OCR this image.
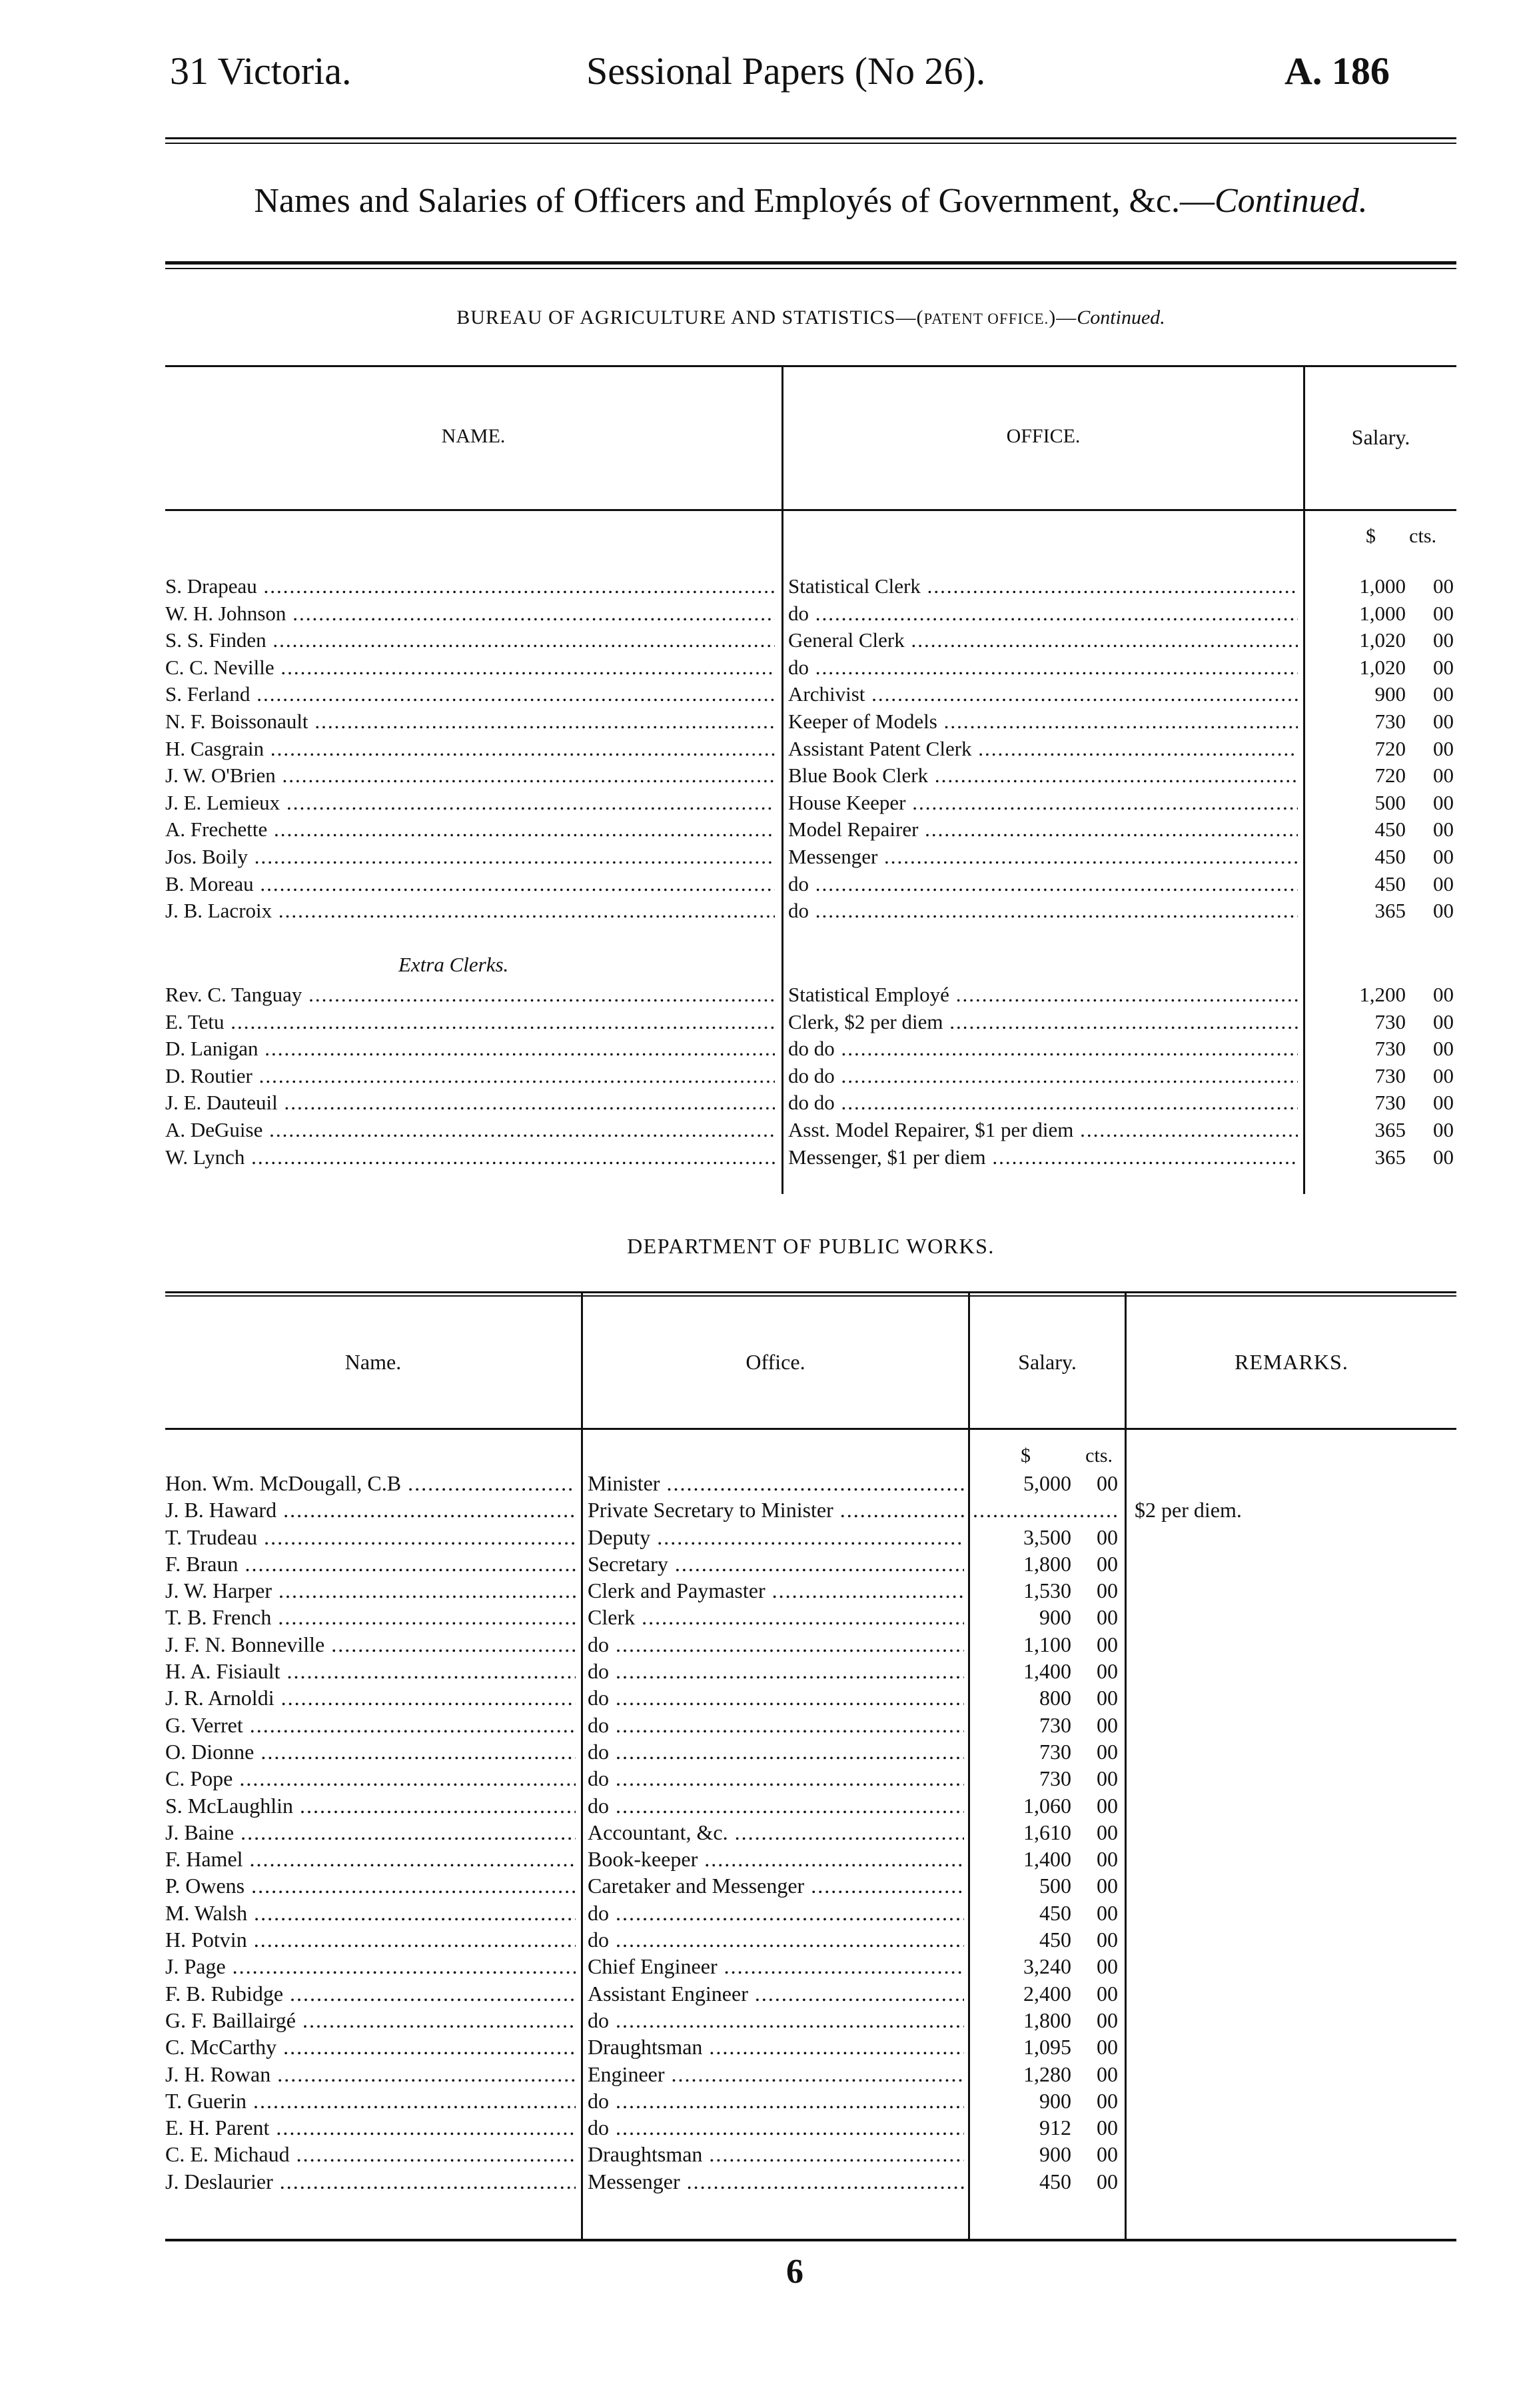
31 Victoria.	Sessional Papers (No 26).	A. 186
Names and Salaries of Officers and Employés of Government, &c.—Continued.
BUREAU OF AGRICULTURE AND STATISTICS—(PATENT OFFICE.)—Continued.
NAME.	OFFICE.	Salary.
$ cts.
S. Drapeau .....	Statistical Clerk .....	1,000	00
W. H. Johnson .....	do .....	1,000	00
S. S. Finden .....	General Clerk .....	1,020	00
C. C. Neville .....	do .....	1,020	00
S. Ferland .....	Archivist .....	900	00
N. F. Boissonault .....	Keeper of Models .....	730	00
H. Casgrain .....	Assistant Patent Clerk .....	720	00
J. W. O'Brien .....	Blue Book Clerk .....	720	00
J. E. Lemieux .....	House Keeper .....	500	00
A. Frechette .....	Model Repairer .....	450	00
Jos. Boily .....	Messenger .....	450	00
B. Moreau .....	do .....	450	00
J. B. Lacroix .....	do .....	365	00
Extra Clerks.
Rev. C. Tanguay .....	Statistical Employé .....	1,200	00
E. Tetu .....	Clerk, $2 per diem .....	730	00
D. Lanigan .....	do do .....	730	00
D. Routier .....	do do .....	730	00
J. E. Dauteuil .....	do do .....	730	00
A. DeGuise .....	Asst. Model Repairer, $1 per diem .....	365	00
W. Lynch .....	Messenger, $1 per diem .....	365	00
DEPARTMENT OF PUBLIC WORKS.
Name.	Office.	Salary.	REMARKS.
$	cts.
Hon. Wm. McDougall, C.B .....	Minister .....	5,000	00
J. B. Haward .....	Private Secretary to Minister .....
.....	$2 per diem.
T. Trudeau .....	Deputy .....	3,500	00
F. Braun .....	Secretary .....	1,800	00
J. W. Harper .....	Clerk and Paymaster .....	1,530	00
T. B. French .....	Clerk .....	900	00
J. F. N. Bonneville .....	do .....	1,100	00
H. A. Fisiault .....	do .....	1,400	00
J. R. Arnoldi .....	do .....	800	00
G. Verret .....	do .....	730	00
O. Dionne .....	do .....	730	00
C. Pope .....	do .....	730	00
S. McLaughlin .....	do .....	1,060	00
J. Baine .....	Accountant, &c. .....	1,610	00
F. Hamel .....	Book-keeper .....	1,400	00
P. Owens .....	Caretaker and Messenger .....	500	00
M. Walsh .....	do .....	450	00
H. Potvin .....	do .....	450	00
J. Page .....	Chief Engineer .....	3,240	00
F. B. Rubidge .....	Assistant Engineer .....	2,400	00
G. F. Baillairgé .....	do .....	1,800	00
C. McCarthy .....	Draughtsman .....	1,095	00
J. H. Rowan .....	Engineer .....	1,280	00
T. Guerin .....	do .....	900	00
E. H. Parent .....	do .....	912	00
C. E. Michaud .....	Draughtsman .....	900	00
J. Deslaurier .....	Messenger .....	450	00
6
